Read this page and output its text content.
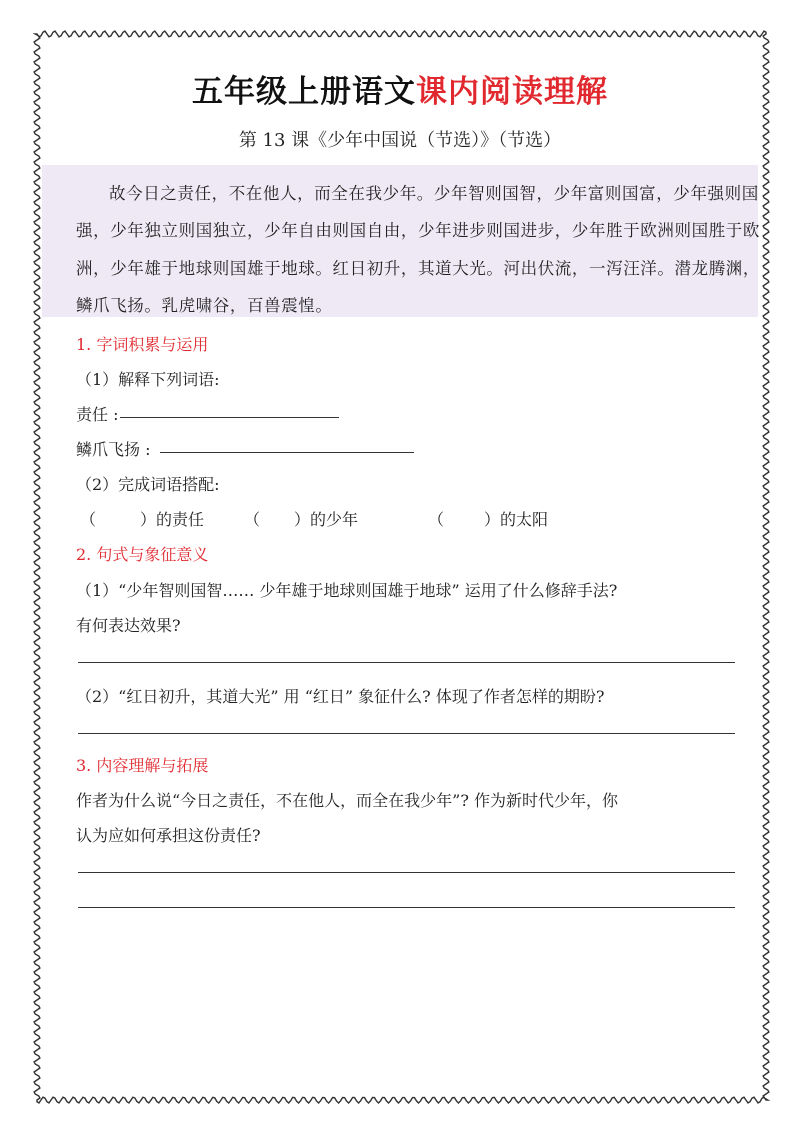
五年级上册语文课内阅读理解
第 13 课《少年中国说（节选）》（节选）
故今日之责任，不在他人，而全在我少年。少年智则国智，少年富则国富，少年强则国强，少年独立则国独立，少年自由则国自由，少年进步则国进步，少年胜于欧洲则国胜于欧洲，少年雄于地球则国雄于地球。红日初升，其道大光。河出伏流，一泻汪洋。潜龙腾渊，鳞爪飞扬。乳虎啸谷，百兽震惶。
1. 字词积累与运用
（1）解释下列词语:
责任 :
鳞爪飞扬 :
（2）完成词语搭配:
（	）的责任 （ ）的少年	（	）的太阳
2. 句式与象征意义
（1）“少年智则国智…… 少年雄于地球则国雄于地球” 运用了什么修辞手法?
有何表达效果?
（2）“红日初升，其道大光” 用 “红日” 象征什么? 体现了作者怎样的期盼?
3. 内容理解与拓展
作者为什么说“今日之责任，不在他人，而全在我少年”? 作为新时代少年，你
认为应如何承担这份责任?
